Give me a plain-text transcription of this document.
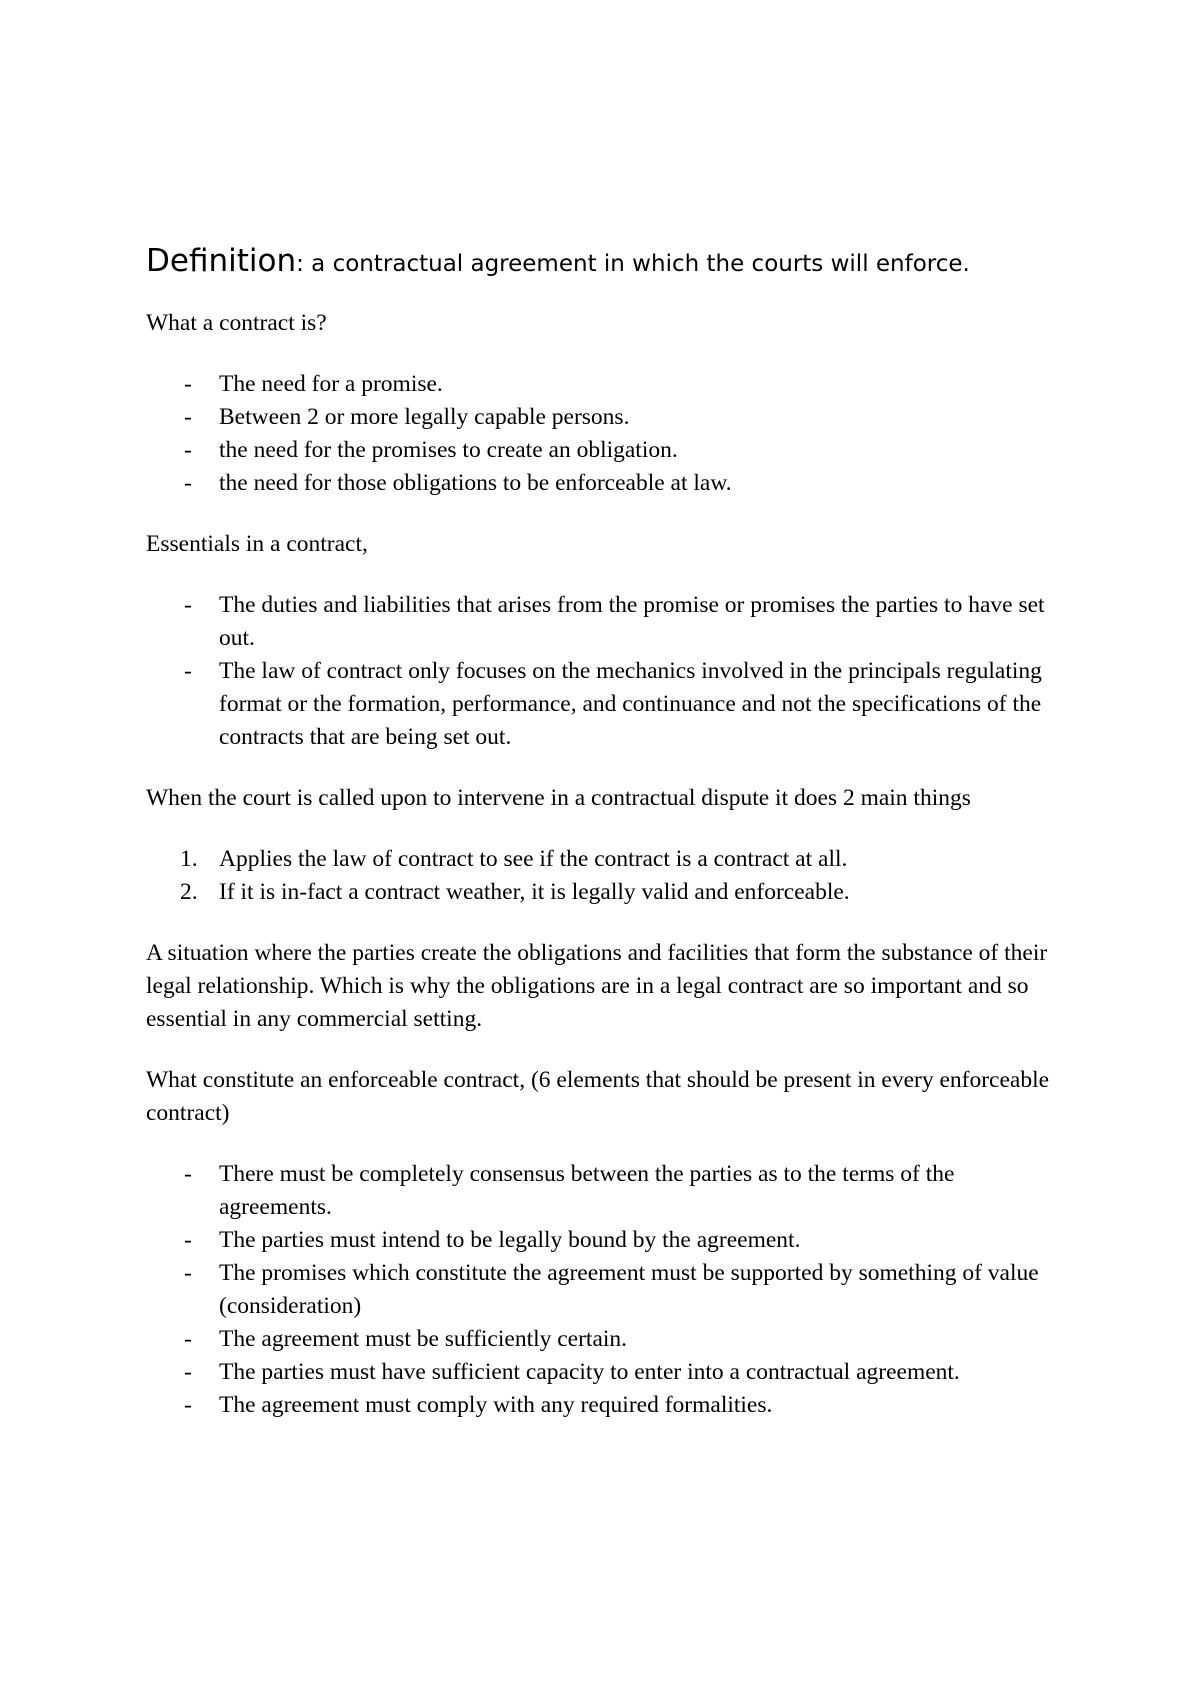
Definition: a contractual agreement in which the courts will enforce.

What a contract is?

- The need for a promise.
- Between 2 or more legally capable persons.
- the need for the promises to create an obligation.
- the need for those obligations to be enforceable at law.

Essentials in a contract,

- The duties and liabilities that arises from the promise or promises the parties to have set out.
- The law of contract only focuses on the mechanics involved in the principals regulating format or the formation, performance, and continuance and not the specifications of the contracts that are being set out.

When the court is called upon to intervene in a contractual dispute it does 2 main things

1. Applies the law of contract to see if the contract is a contract at all.
2. If it is in-fact a contract weather, it is legally valid and enforceable.

A situation where the parties create the obligations and facilities that form the substance of their legal relationship. Which is why the obligations are in a legal contract are so important and so essential in any commercial setting.

What constitute an enforceable contract, (6 elements that should be present in every enforceable contract)

- There must be completely consensus between the parties as to the terms of the agreements.
- The parties must intend to be legally bound by the agreement.
- The promises which constitute the agreement must be supported by something of value (consideration)
- The agreement must be sufficiently certain.
- The parties must have sufficient capacity to enter into a contractual agreement.
- The agreement must comply with any required formalities.
